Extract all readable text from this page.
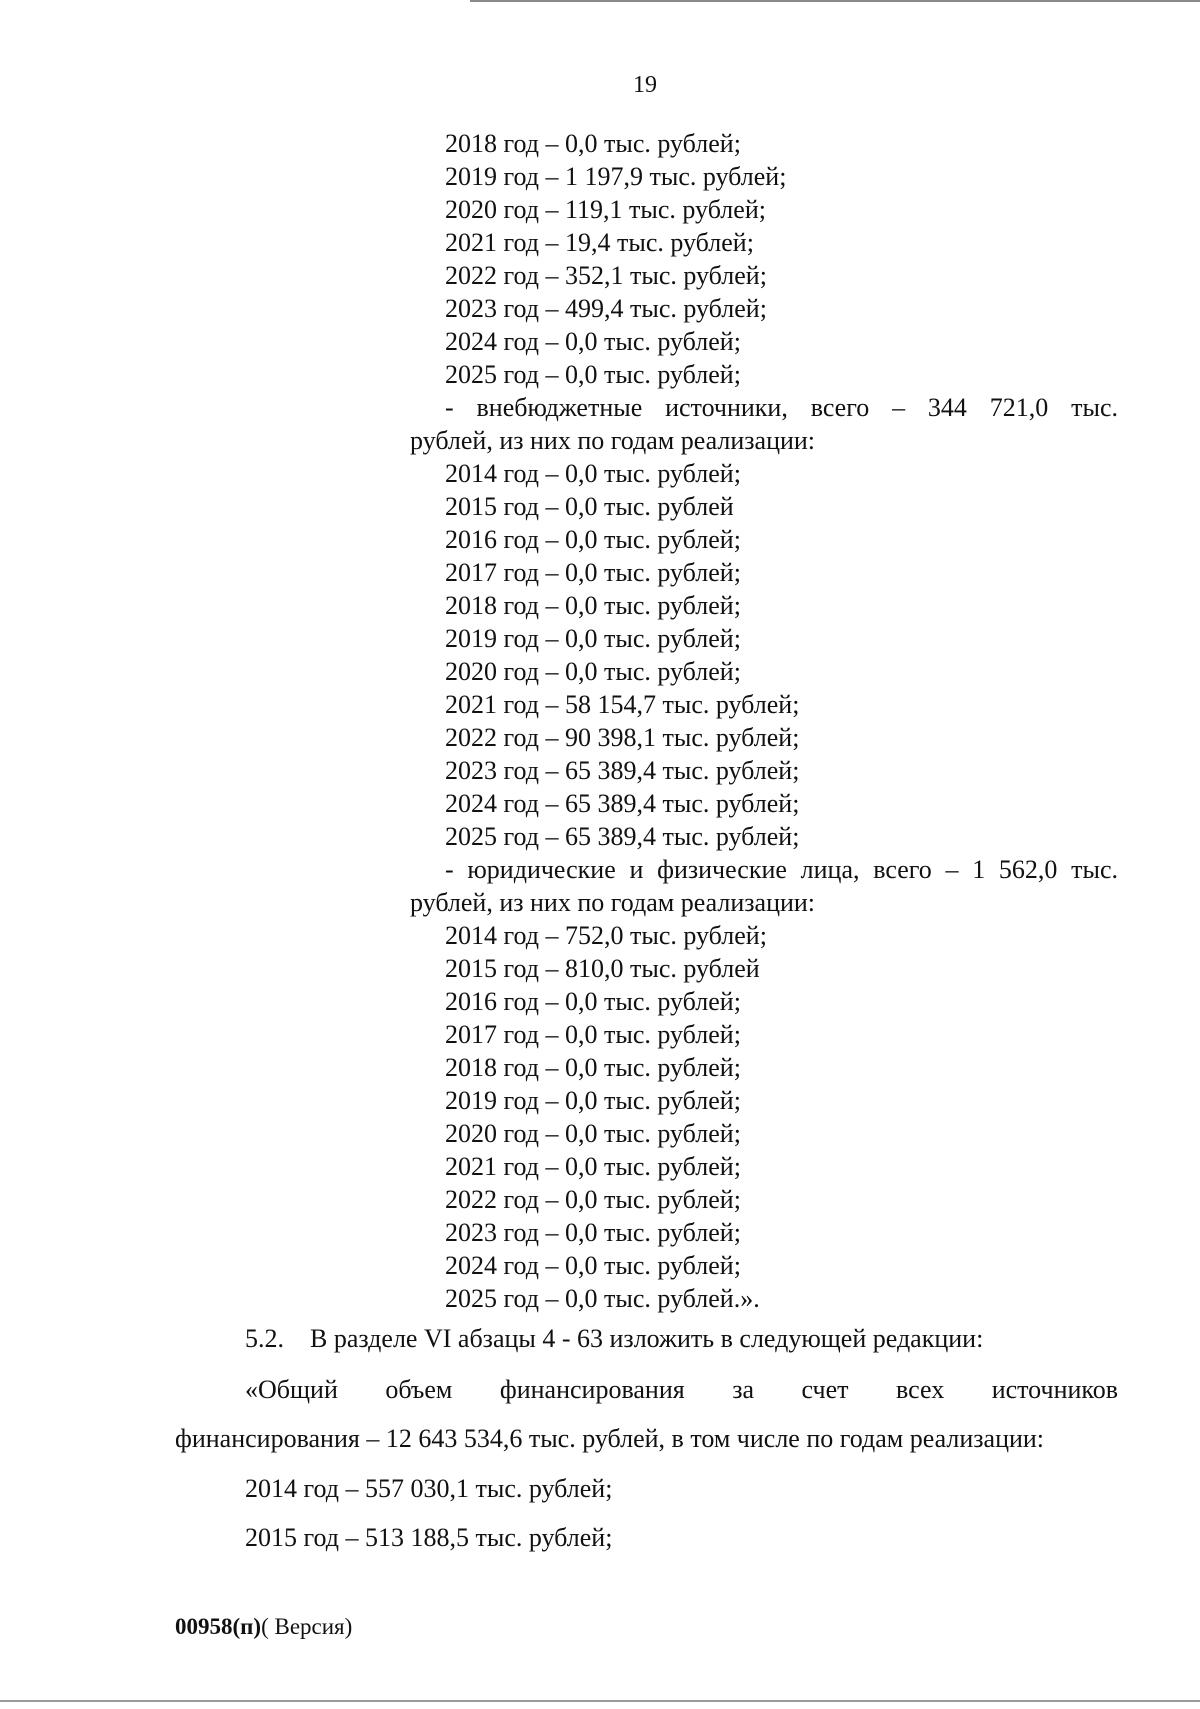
19
2018 год – 0,0 тыс. рублей;
2019 год – 1 197,9 тыс. рублей;
2020 год – 119,1 тыс. рублей;
2021 год – 19,4 тыс. рублей;
2022 год – 352,1 тыс. рублей;
2023 год – 499,4 тыс. рублей;
2024 год – 0,0 тыс. рублей;
2025 год – 0,0 тыс. рублей;
- внебюджетные источники, всего – 344 721,0 тыс.
рублей, из них по годам реализации:
2014 год – 0,0 тыс. рублей;
2015 год – 0,0 тыс. рублей
2016 год – 0,0 тыс. рублей;
2017 год – 0,0 тыс. рублей;
2018 год – 0,0 тыс. рублей;
2019 год – 0,0 тыс. рублей;
2020 год – 0,0 тыс. рублей;
2021 год – 58 154,7 тыс. рублей;
2022 год – 90 398,1 тыс. рублей;
2023 год – 65 389,4 тыс. рублей;
2024 год – 65 389,4 тыс. рублей;
2025 год – 65 389,4 тыс. рублей;
- юридические и физические лица, всего – 1 562,0 тыс.
рублей, из них по годам реализации:
2014 год – 752,0 тыс. рублей;
2015 год – 810,0 тыс. рублей
2016 год – 0,0 тыс. рублей;
2017 год – 0,0 тыс. рублей;
2018 год – 0,0 тыс. рублей;
2019 год – 0,0 тыс. рублей;
2020 год – 0,0 тыс. рублей;
2021 год – 0,0 тыс. рублей;
2022 год – 0,0 тыс. рублей;
2023 год – 0,0 тыс. рублей;
2024 год – 0,0 тыс. рублей;
2025 год – 0,0 тыс. рублей.».
5.2.    В разделе VI абзацы 4 - 63 изложить в следующей редакции:
«Общий объем финансирования за счет всех источников
финансирования – 12 643 534,6 тыс. рублей, в том числе по годам реализации:
2014 год – 557 030,1 тыс. рублей;
2015 год – 513 188,5 тыс. рублей;
00958(п)( Версия)
